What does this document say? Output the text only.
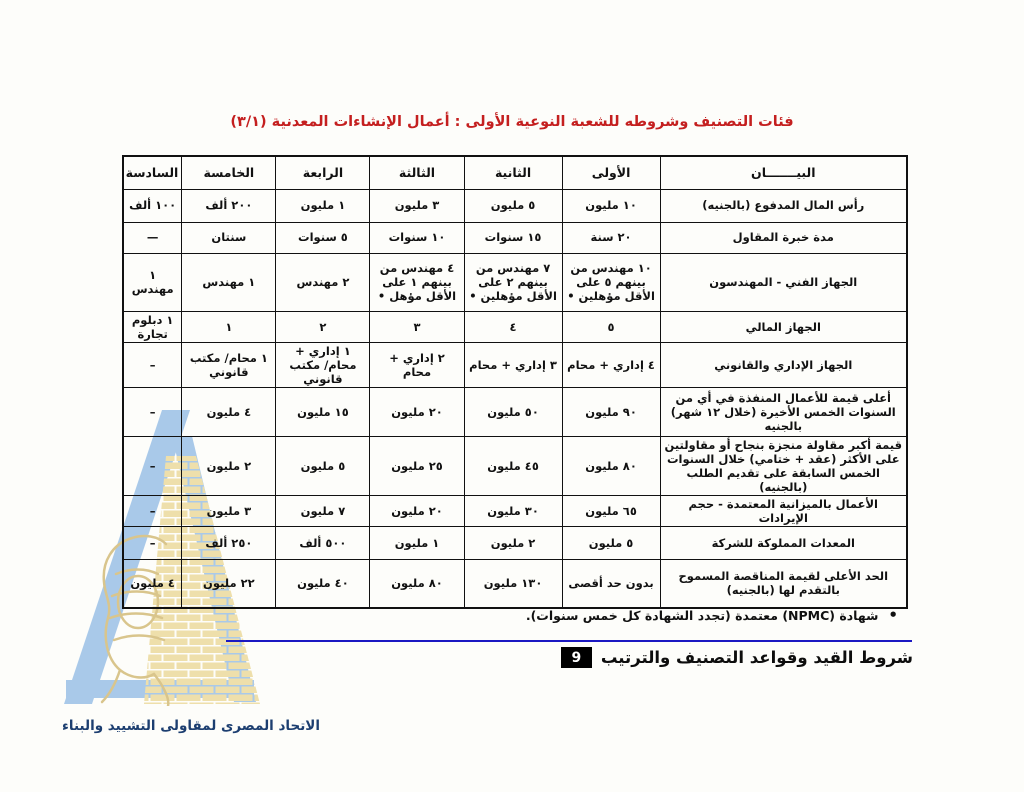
فئات التصنيف وشروطه للشعبة النوعية الأولى : أعمال الإنشاءات المعدنية (٣/١)
البيـــــــان	الأولى	الثانية	الثالثة	الرابعة	الخامسة	السادسة
رأس المال المدفوع (بالجنيه)	١٠ مليون	٥ مليون	٣ مليون	١ مليون	٢٠٠ ألف	١٠٠ ألف
مدة خبرة المقاول	٢٠ سنة	١٥ سنوات	١٠ سنوات	٥ سنوات	سنتان	—
الجهاز الفني - المهندسون	١٠ مهندس من بينهم ٥ على الأقل مؤهلين •	٧ مهندس من بينهم ٢ على الأقل مؤهلين •	٤ مهندس من بينهم ١ على الأقل مؤهل •	٢ مهندس	١ مهندس	١ مهندس
الجهاز المالي	٥	٤	٣	٢	١	١ دبلوم تجارة
الجهاز الإداري والقانوني	٤ إداري + محام	٣ إداري + محام	٢ إداري + محام	١ إداري + محام/ مكتب قانوني	١ محام/ مكتب قانوني	–
أعلى قيمة للأعمال المنفذة في أي من السنوات الخمس الأخيرة (خلال ١٢ شهر) بالجنيه	٩٠ مليون	٥٠ مليون	٢٠ مليون	١٥ مليون	٤ مليون	–
قيمة أكبر مقاولة منجزة بنجاح أو مقاولتين على الأكثر (عقد + ختامي) خلال السنوات الخمس السابقة على تقديم الطلب (بالجنيه)	٨٠ مليون	٤٥ مليون	٢٥ مليون	٥ مليون	٢ مليون	–
الأعمال بالميزانية المعتمدة - حجم الإيرادات	٦٥ مليون	٣٠ مليون	٢٠ مليون	٧ مليون	٣ مليون	–
المعدات المملوكة للشركة	٥ مليون	٢ مليون	١ مليون	٥٠٠ ألف	٢٥٠ ألف	–
الحد الأعلى لقيمة المناقصة المسموح بالتقدم لها (بالجنيه)	بدون حد أقصى	١٣٠ مليون	٨٠ مليون	٤٠ مليون	٢٢ مليون	٤ مليون
•
شهادة (NPMC) معتمدة (تجدد الشهادة كل خمس سنوات).
شروط القيد وقواعد التصنيف والترتيب
9
الاتحاد المصرى لمقاولى التشييد والبناء
